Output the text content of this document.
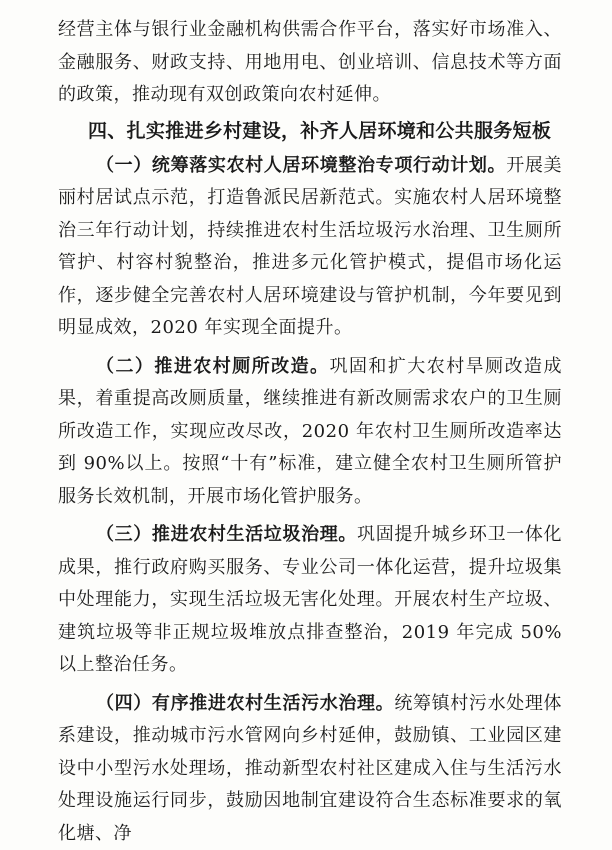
经营主体与银行业金融机构供需合作平台，落实好市场准入、金融服务、财政支持、用地用电、创业培训、信息技术等方面的政策，推动现有双创政策向农村延伸。

四、扎实推进乡村建设，补齐人居环境和公共服务短板

（一）统筹落实农村人居环境整治专项行动计划。开展美丽村居试点示范，打造鲁派民居新范式。实施农村人居环境整治三年行动计划，持续推进农村生活垃圾污水治理、卫生厕所管护、村容村貌整治，推进多元化管护模式，提倡市场化运作，逐步健全完善农村人居环境建设与管护机制，今年要见到明显成效，2020 年实现全面提升。

（二）推进农村厕所改造。巩固和扩大农村旱厕改造成果，着重提高改厕质量，继续推进有新改厕需求农户的卫生厕所改造工作，实现应改尽改，2020 年农村卫生厕所改造率达到 90%以上。按照“十有”标准，建立健全农村卫生厕所管护服务长效机制，开展市场化管护服务。

（三）推进农村生活垃圾治理。巩固提升城乡环卫一体化成果，推行政府购买服务、专业公司一体化运营，提升垃圾集中处理能力，实现生活垃圾无害化处理。开展农村生产垃圾、建筑垃圾等非正规垃圾堆放点排查整治，2019 年完成 50%以上整治任务。

（四）有序推进农村生活污水治理。统筹镇村污水处理体系建设，推动城市污水管网向乡村延伸，鼓励镇、工业园区建设中小型污水处理场，推动新型农村社区建成入住与生活污水处理设施运行同步，鼓励因地制宜建设符合生态标准要求的氧化塘、净
